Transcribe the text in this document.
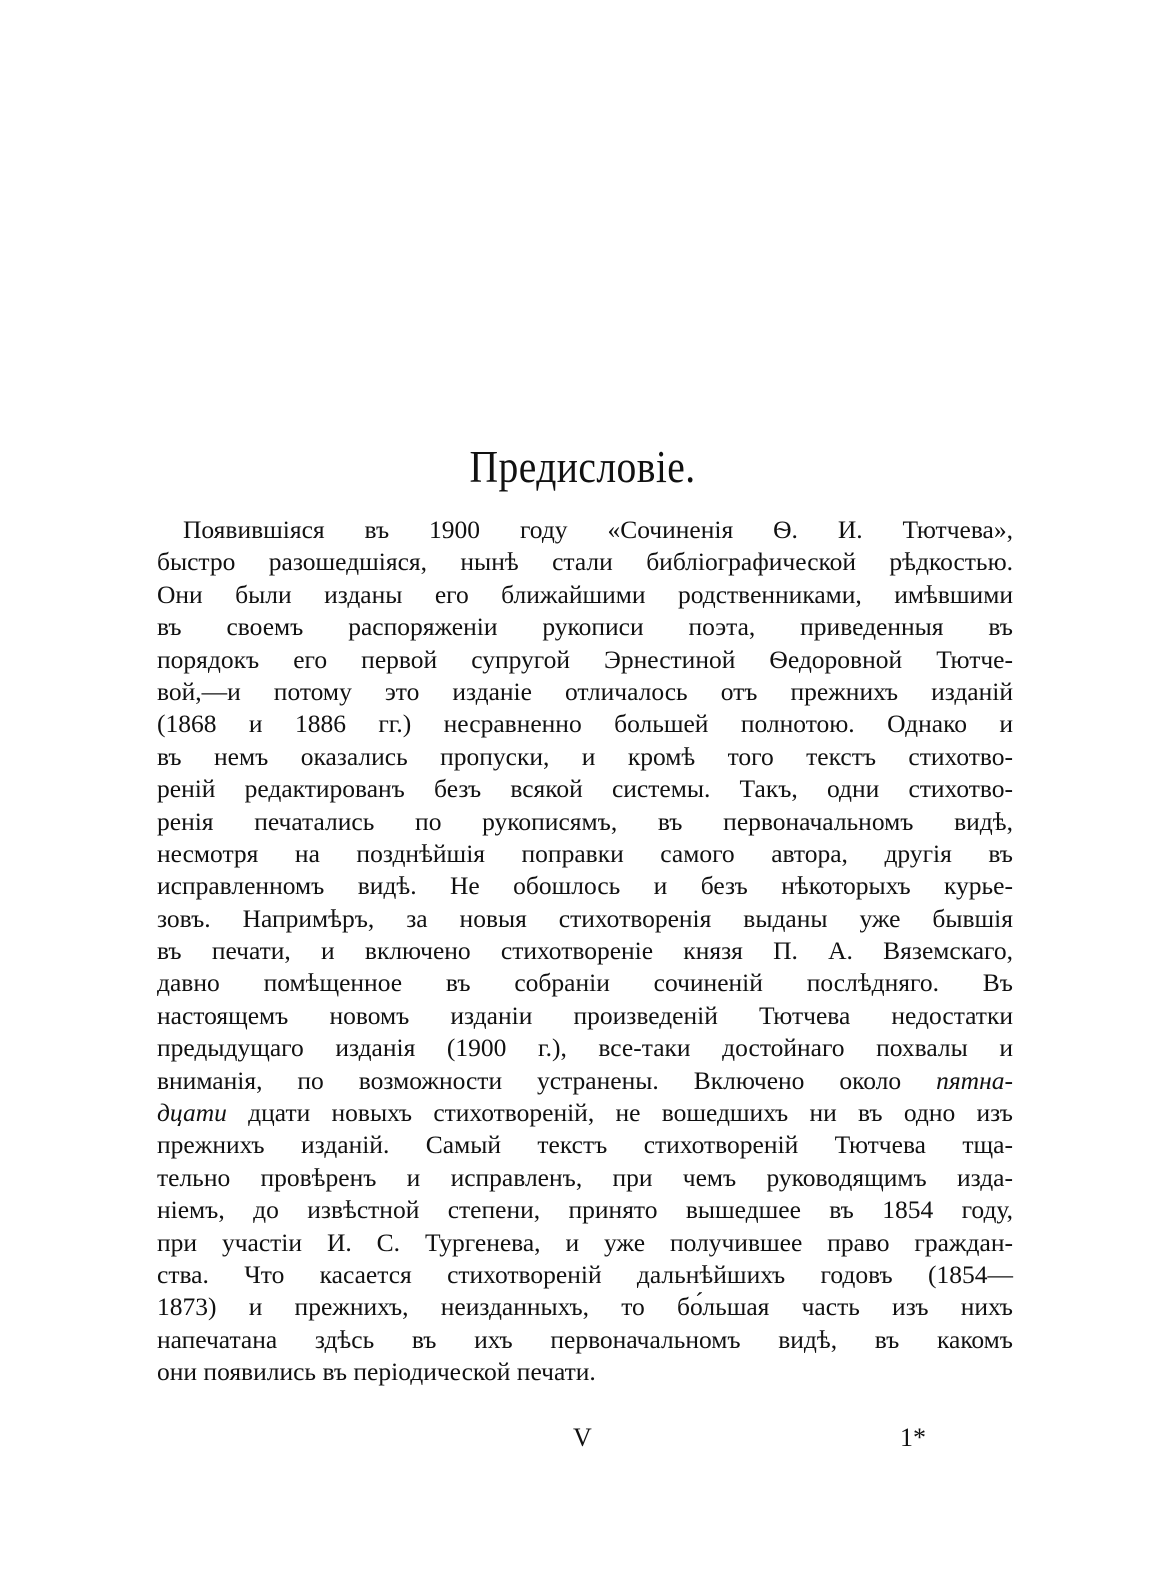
Предисловіе.
Появившіяся въ 1900 году «Сочиненія Ѳ. И. Тютчева»,
быстро разошедшіяся, нынѣ стали библіографической рѣдкостью.
Они были изданы его ближайшими родственниками, имѣвшими
въ своемъ распоряженіи рукописи поэта, приведенныя въ
порядокъ его первой супругой Эрнестиной Ѳедоровной Тютче-
вой,—и потому это изданіе отличалось отъ прежнихъ изданій
(1868 и 1886 гг.) несравненно большей полнотою. Однако и
въ немъ оказались пропуски, и кромѣ того текстъ стихотво-
реній редактированъ безъ всякой системы. Такъ, одни стихотво-
ренія печатались по рукописямъ, въ первоначальномъ видѣ,
несмотря на позднѣйшія поправки самого автора, другія въ
исправленномъ видѣ. Не обошлось и безъ нѣкоторыхъ курье-
зовъ. Напримѣръ, за новыя стихотворенія выданы уже бывшія
въ печати, и включено стихотвореніе князя П. А. Вяземскаго,
давно помѣщенное въ собраніи сочиненій послѣдняго. Въ
настоящемъ новомъ изданіи произведеній Тютчева недостатки
предыдущаго изданія (1900 г.), все-таки достойнаго похвалы и
вниманія, по возможности устранены. Включено около пятна-
дцати дцати новыхъ стихотвореній, не вошедшихъ ни въ одно изъ
прежнихъ изданій. Самый текстъ стихотвореній Тютчева тща-
тельно провѣренъ и исправленъ, при чемъ руководящимъ изда-
ніемъ, до извѣстной степени, принято вышедшее въ 1854 году,
при участіи И. С. Тургенева, и уже получившее право граждан-
ства. Что касается стихотвореній дальнѣйшихъ годовъ (1854—
1873) и прежнихъ, неизданныхъ, то бо́льшая часть изъ нихъ
напечатана здѣсь въ ихъ первоначальномъ видѣ, въ какомъ
они появились въ періодической печати.
V	1*
